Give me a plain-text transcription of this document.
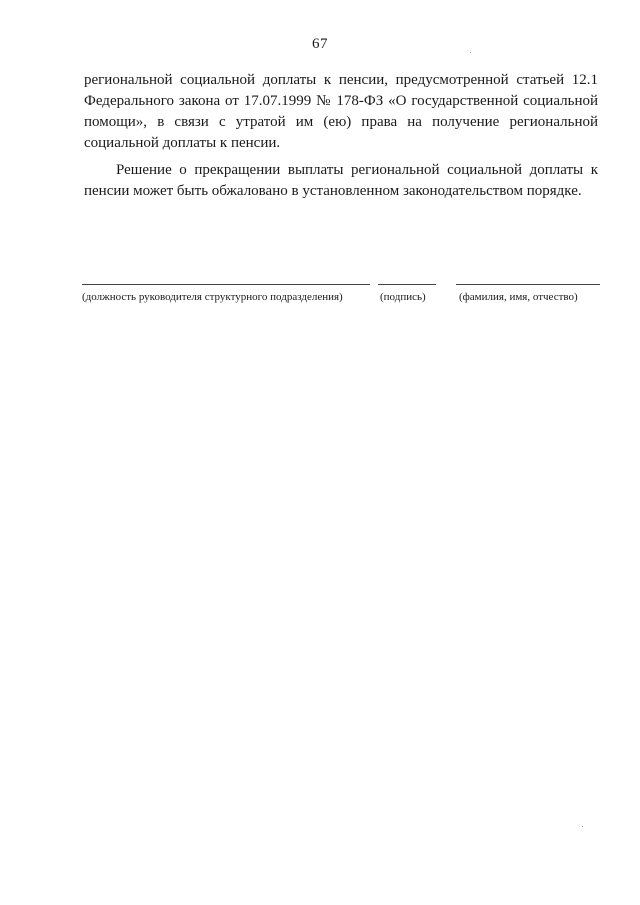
67

региональной социальной доплаты к пенсии, предусмотренной статьей 12.1 Федерального закона от 17.07.1999 № 178-ФЗ «О государственной социальной помощи», в связи с утратой им (ею) права на получение региональной социальной доплаты к пенсии.

Решение о прекращении выплаты региональной социальной доплаты к пенсии может быть обжаловано в установленном законодательством порядке.

(должность руководителя структурного подразделения)	(подпись)	(фамилия, имя, отчество)
